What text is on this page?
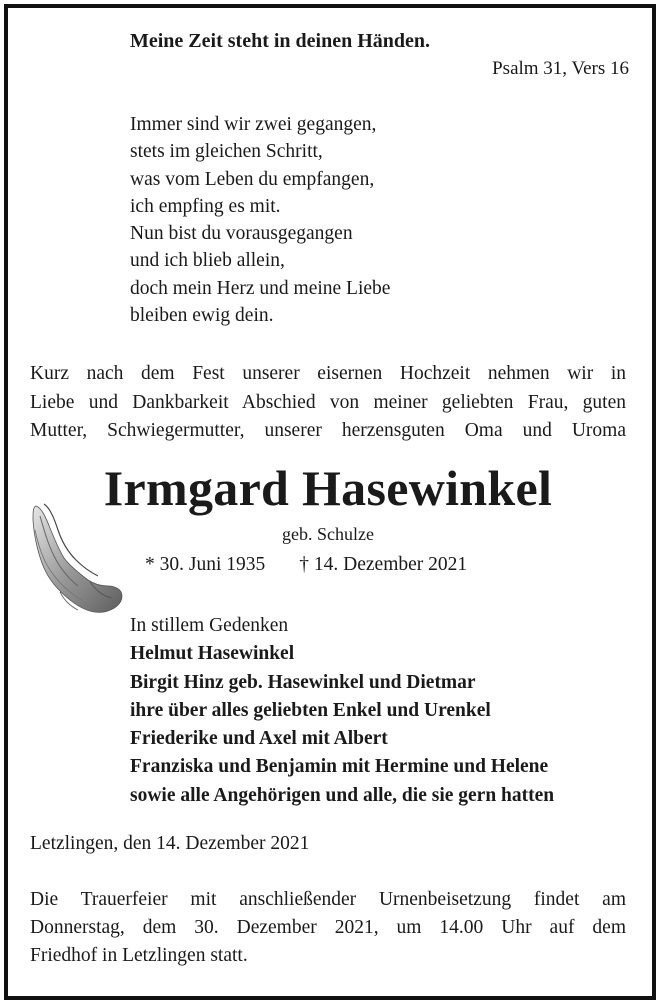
Meine Zeit steht in deinen Händen.
Psalm 31, Vers 16
Immer sind wir zwei gegangen,
stets im gleichen Schritt,
was vom Leben du empfangen,
ich empfing es mit.
Nun bist du vorausgegangen
und ich blieb allein,
doch mein Herz und meine Liebe
bleiben ewig dein.
Kurz nach dem Fest unserer eisernen Hochzeit nehmen wir in
Liebe und Dankbarkeit Abschied von meiner geliebten Frau, guten
Mutter, Schwiegermutter, unserer herzensguten Oma und Uroma
Irmgard Hasewinkel
geb. Schulze
* 30. Juni 1935 † 14. Dezember 2021
In stillem Gedenken
Helmut Hasewinkel
Birgit Hinz geb. Hasewinkel und Dietmar
ihre über alles geliebten Enkel und Urenkel
Friederike und Axel mit Albert
Franziska und Benjamin mit Hermine und Helene
sowie alle Angehörigen und alle, die sie gern hatten
Letzlingen, den 14. Dezember 2021
Die Trauerfeier mit anschließender Urnenbeisetzung findet am
Donnerstag, dem 30. Dezember 2021, um 14.00 Uhr auf dem
Friedhof in Letzlingen statt.
